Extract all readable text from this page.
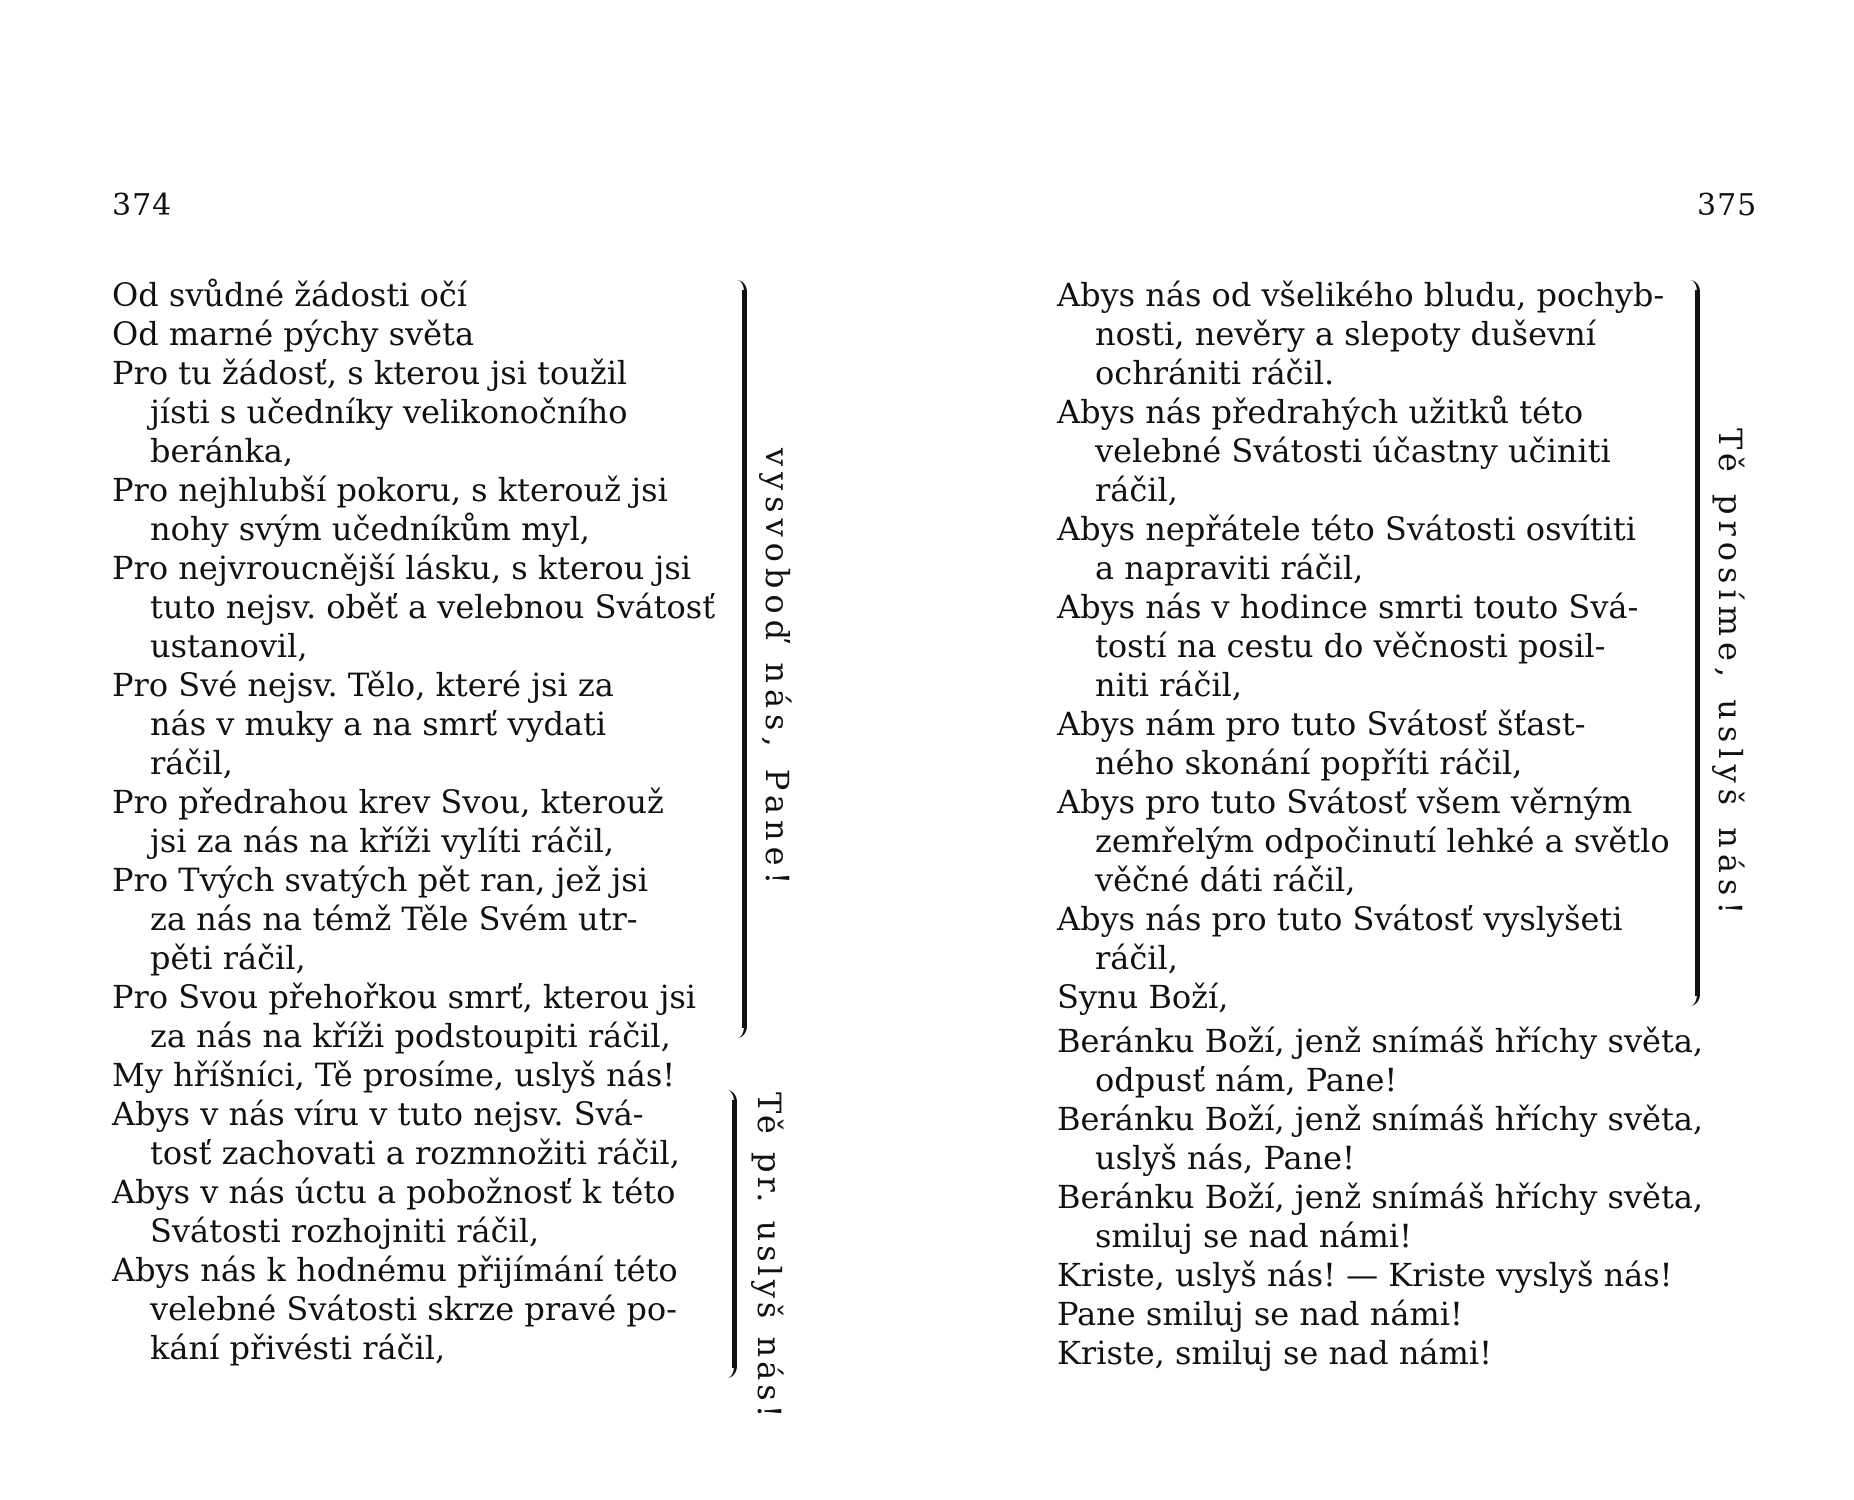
374
Od svůdné žádosti očí
Od marné pýchy světa
Pro tu žádosť, s kterou jsi toužil
jísti s učedníky velikonočního
beránka,
Pro nejhlubší pokoru, s kterouž jsi
nohy svým učedníkům myl,
Pro nejvroucnější lásku, s kterou jsi
tuto nejsv. oběť a velebnou Svátosť
ustanovil,
Pro Své nejsv. Tělo, které jsi za
nás v muky a na smrť vydati
ráčil,
Pro předrahou krev Svou, kterouž
jsi za nás na kříži vylíti ráčil,
Pro Tvých svatých pět ran, jež jsi
za nás na témž Těle Svém utr-
pěti ráčil,
Pro Svou přehořkou smrť, kterou jsi
za nás na kříži podstoupiti ráčil,
My hříšníci, Tě prosíme, uslyš nás!
Abys v nás víru v tuto nejsv. Svá-
tosť zachovati a rozmnožiti ráčil,
Abys v nás úctu a pobožnosť k této
Svátosti rozhojniti ráčil,
Abys nás k hodnému přijímání této
velebné Svátosti skrze pravé po-
kání přivésti ráčil,
vysvoboď nás, Pane!
Tě pr. uslyš nás!
375
Abys nás od všelikého bludu, pochyb-
nosti, nevěry a slepoty duševní
ochrániti ráčil.
Abys nás předrahých užitků této
velebné Svátosti účastny učiniti
ráčil,
Abys nepřátele této Svátosti osvítiti
a napraviti ráčil,
Abys nás v hodince smrti touto Svá-
tostí na cestu do věčnosti posil-
niti ráčil,
Abys nám pro tuto Svátosť šťast-
ného skonání popříti ráčil,
Abys pro tuto Svátosť všem věrným
zemřelým odpočinutí lehké a světlo
věčné dáti ráčil,
Abys nás pro tuto Svátosť vyslyšeti
ráčil,
Synu Boží,
Tě prosíme, uslyš nás!
Beránku Boží, jenž snímáš hříchy světa,
odpusť nám, Pane!
Beránku Boží, jenž snímáš hříchy světa,
uslyš nás, Pane!
Beránku Boží, jenž snímáš hříchy světa,
smiluj se nad námi!
Kriste, uslyš nás! — Kriste vyslyš nás!
Pane smiluj se nad námi!
Kriste, smiluj se nad námi!
